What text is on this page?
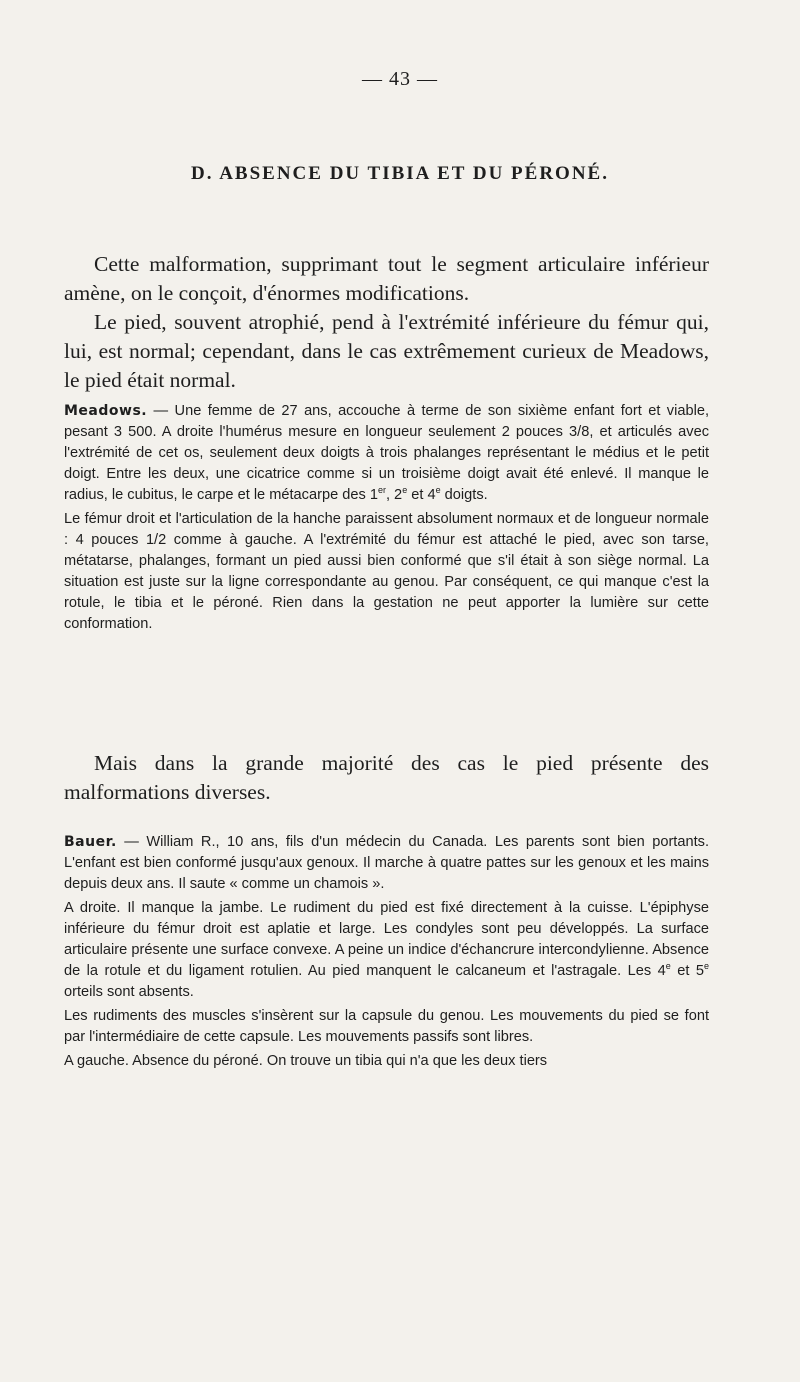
— 43 —
D. ABSENCE DU TIBIA ET DU PÉRONÉ.

Cette malformation, supprimant tout le segment articulaire inférieur amène, on le conçoit, d'énormes modifications.

Le pied, souvent atrophié, pend à l'extrémité inférieure du fémur qui, lui, est normal; cependant, dans le cas extrêmement curieux de Meadows, le pied était normal.

Meadows. — Une femme de 27 ans, accouche à terme de son sixième enfant fort et viable, pesant 3 500. A droite l'humérus mesure en longueur seulement 2 pouces 3/8, et articulés avec l'extrémité de cet os, seulement deux doigts à trois phalanges représentant le médius et le petit doigt. Entre les deux, une cicatrice comme si un troisième doigt avait été enlevé. Il manque le radius, le cubitus, le carpe et le métacarpe des 1er, 2e et 4e doigts.

Le fémur droit et l'articulation de la hanche paraissent absolument normaux et de longueur normale : 4 pouces 1/2 comme à gauche. A l'extrémité du fémur est attaché le pied, avec son tarse, métatarse, phalanges, formant un pied aussi bien conformé que s'il était à son siège normal. La situation est juste sur la ligne correspondante au genou. Par conséquent, ce qui manque c'est la rotule, le tibia et le péroné. Rien dans la gestation ne peut apporter la lumière sur cette conformation.

Mais dans la grande majorité des cas le pied présente des malformations diverses.

Bauer. — William R., 10 ans, fils d'un médecin du Canada. Les parents sont bien portants. L'enfant est bien conformé jusqu'aux genoux. Il marche à quatre pattes sur les genoux et les mains depuis deux ans. Il saute « comme un chamois ».

A droite. Il manque la jambe. Le rudiment du pied est fixé directement à la cuisse. L'épiphyse inférieure du fémur droit est aplatie et large. Les condyles sont peu développés. La surface articulaire présente une surface convexe. A peine un indice d'échancrure intercondylienne. Absence de la rotule et du ligament rotulien. Au pied manquent le calcaneum et l'astragale. Les 4e et 5e orteils sont absents.

Les rudiments des muscles s'insèrent sur la capsule du genou. Les mouvements du pied se font par l'intermédiaire de cette capsule. Les mouvements passifs sont libres.

A gauche. Absence du péroné. On trouve un tibia qui n'a que les deux tiers
